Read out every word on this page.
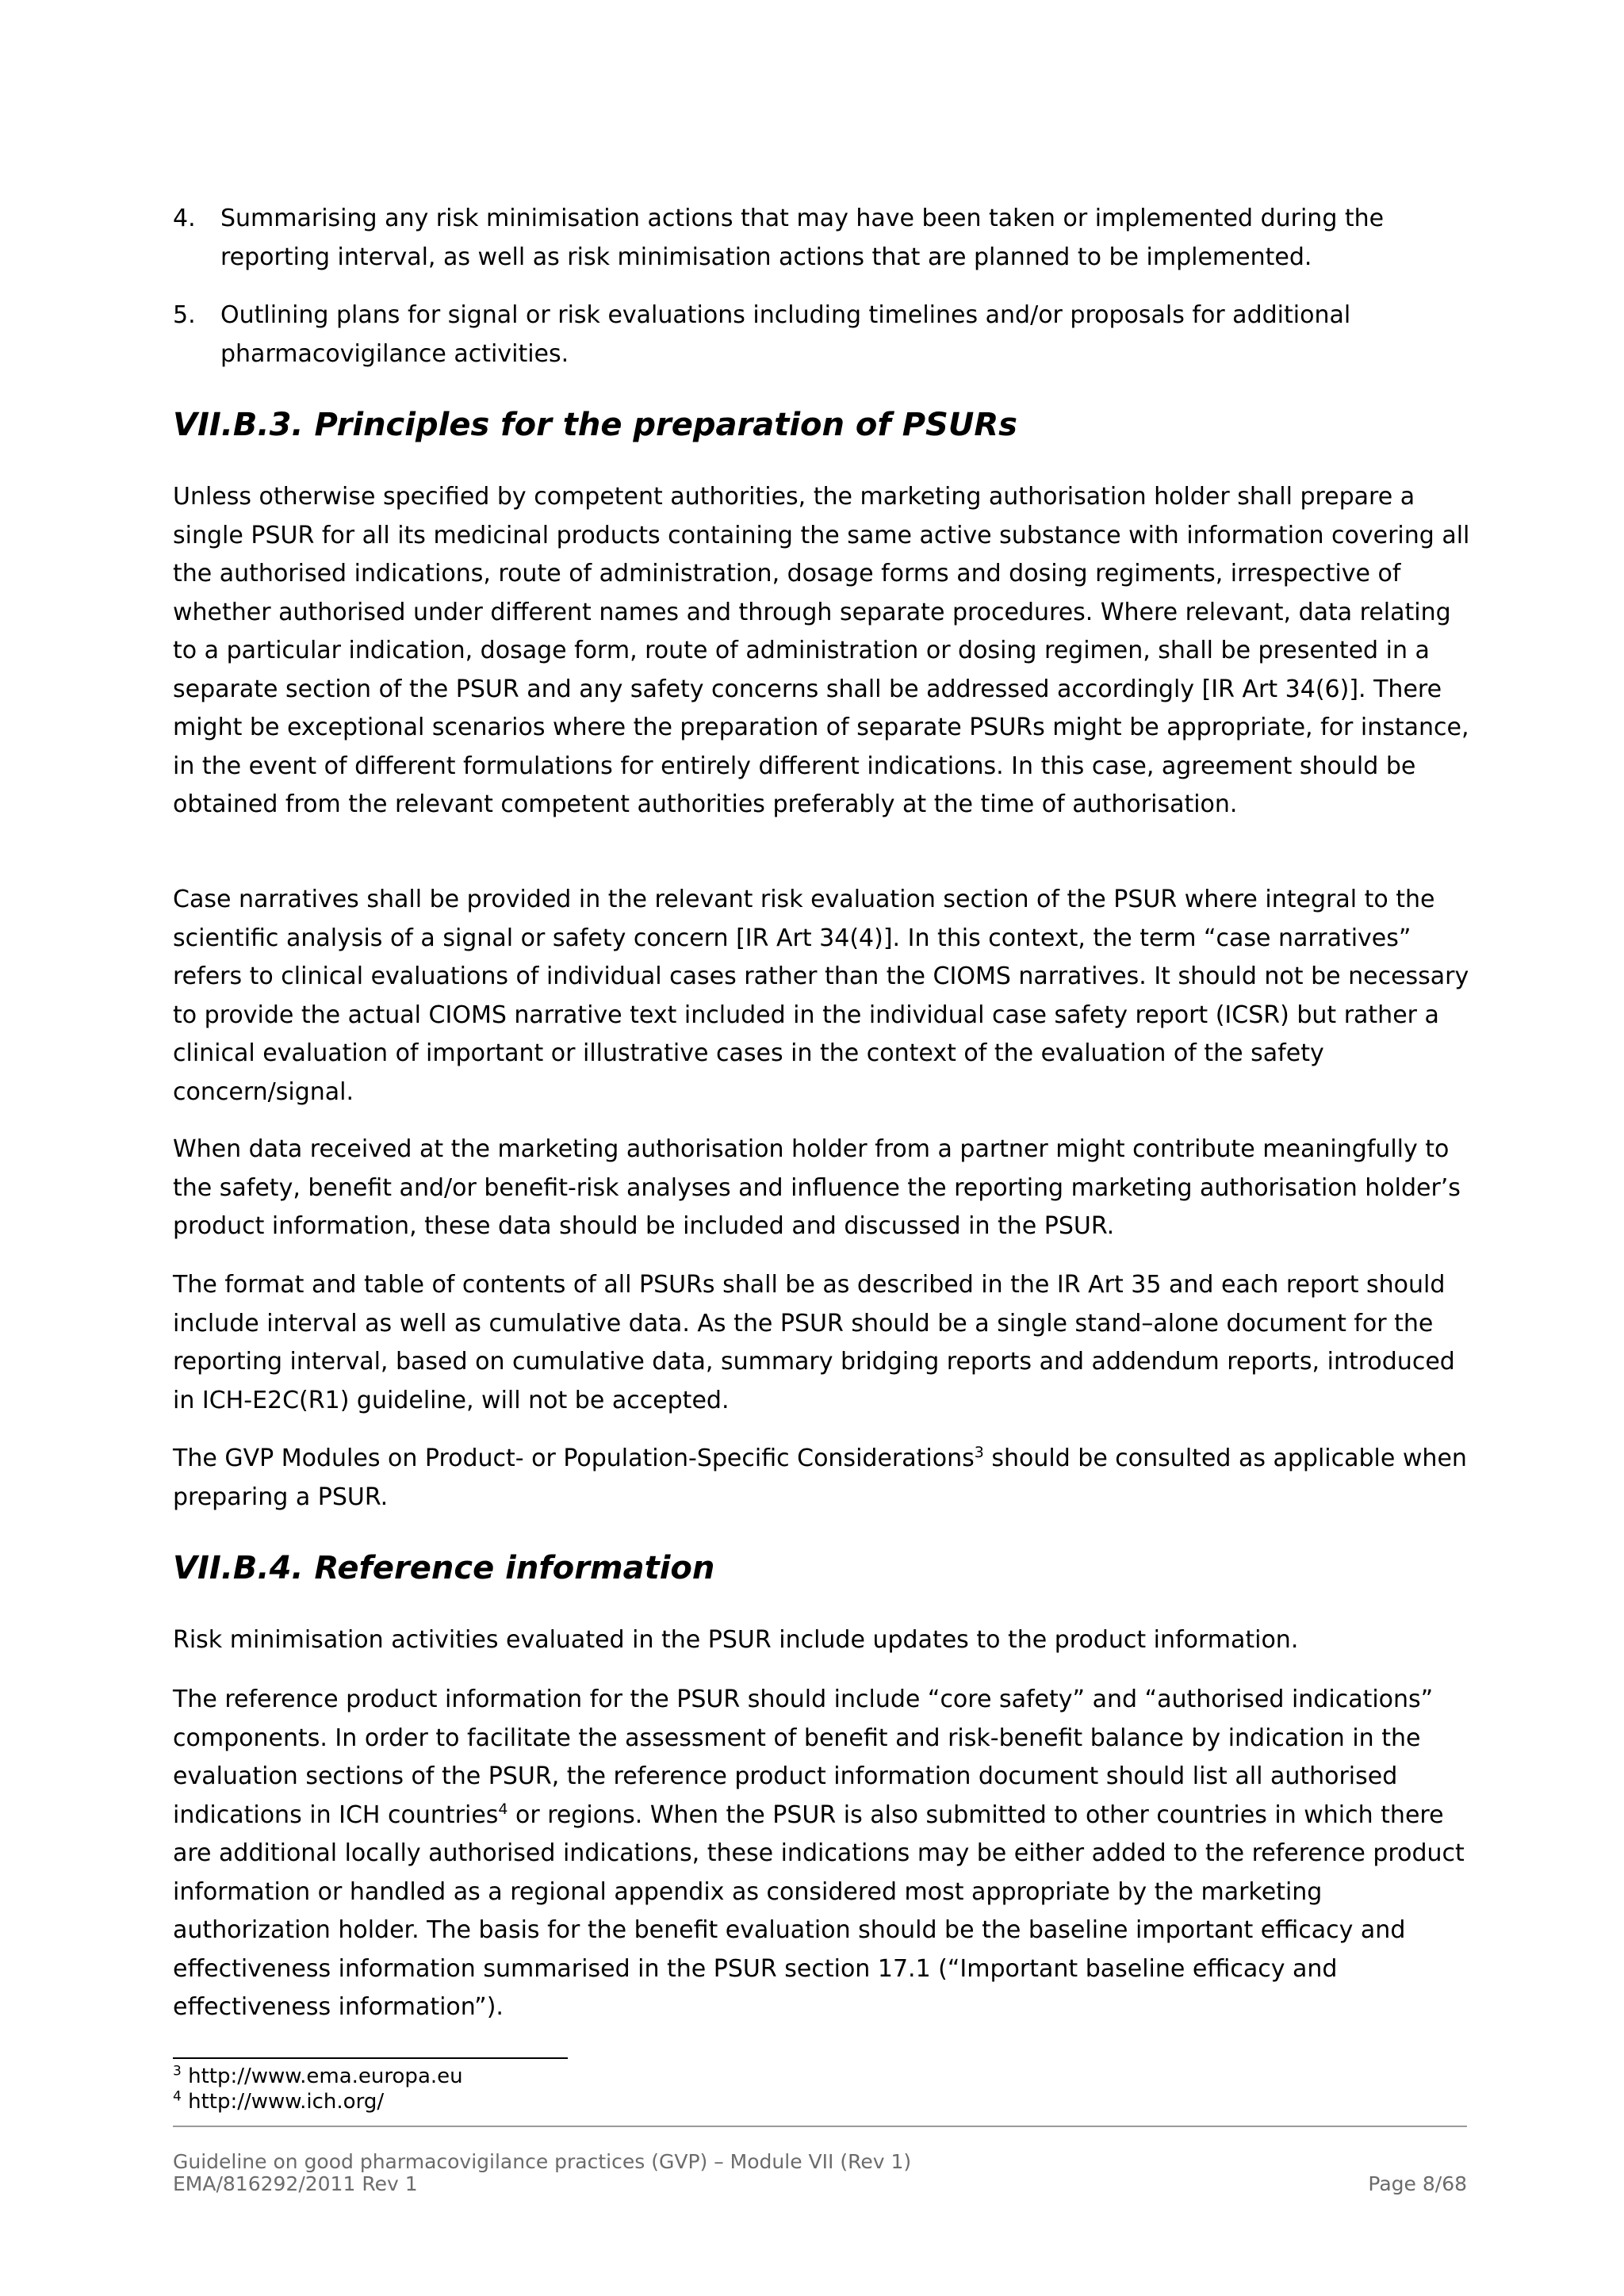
4. Summarising any risk minimisation actions that may have been taken or implemented during the reporting interval, as well as risk minimisation actions that are planned to be implemented.
5. Outlining plans for signal or risk evaluations including timelines and/or proposals for additional pharmacovigilance activities.
VII.B.3. Principles for the preparation of PSURs

Unless otherwise specified by competent authorities, the marketing authorisation holder shall prepare a single PSUR for all its medicinal products containing the same active substance with information covering all the authorised indications, route of administration, dosage forms and dosing regiments, irrespective of whether authorised under different names and through separate procedures. Where relevant, data relating to a particular indication, dosage form, route of administration or dosing regimen, shall be presented in a separate section of the PSUR and any safety concerns shall be addressed accordingly [IR Art 34(6)]. There might be exceptional scenarios where the preparation of separate PSURs might be appropriate, for instance, in the event of different formulations for entirely different indications. In this case, agreement should be obtained from the relevant competent authorities preferably at the time of authorisation.

Case narratives shall be provided in the relevant risk evaluation section of the PSUR where integral to the scientific analysis of a signal or safety concern [IR Art 34(4)]. In this context, the term “case narratives” refers to clinical evaluations of individual cases rather than the CIOMS narratives. It should not be necessary to provide the actual CIOMS narrative text included in the individual case safety report (ICSR) but rather a clinical evaluation of important or illustrative cases in the context of the evaluation of the safety concern/signal.

When data received at the marketing authorisation holder from a partner might contribute meaningfully to the safety, benefit and/or benefit-risk analyses and influence the reporting marketing authorisation holder’s product information, these data should be included and discussed in the PSUR.

The format and table of contents of all PSURs shall be as described in the IR Art 35 and each report should include interval as well as cumulative data. As the PSUR should be a single stand–alone document for the reporting interval, based on cumulative data, summary bridging reports and addendum reports, introduced in ICH-E2C(R1) guideline, will not be accepted.

The GVP Modules on Product- or Population-Specific Considerations$^3$ should be consulted as applicable when preparing a PSUR.

VII.B.4. Reference information

Risk minimisation activities evaluated in the PSUR include updates to the product information.

The reference product information for the PSUR should include “core safety” and “authorised indications” components. In order to facilitate the assessment of benefit and risk-benefit balance by indication in the evaluation sections of the PSUR, the reference product information document should list all authorised indications in ICH countries$^4$ or regions. When the PSUR is also submitted to other countries in which there are additional locally authorised indications, these indications may be either added to the reference product information or handled as a regional appendix as considered most appropriate by the marketing authorization holder. The basis for the benefit evaluation should be the baseline important efficacy and effectiveness information summarised in the PSUR section 17.1 (“Important baseline efficacy and effectiveness information”).

$^3$ http://www.ema.europa.eu
$^4$ http://www.ich.org/
Guideline on good pharmacovigilance practices (GVP) – Module VII (Rev 1)
EMA/816292/2011 Rev 1	Page 8/68
